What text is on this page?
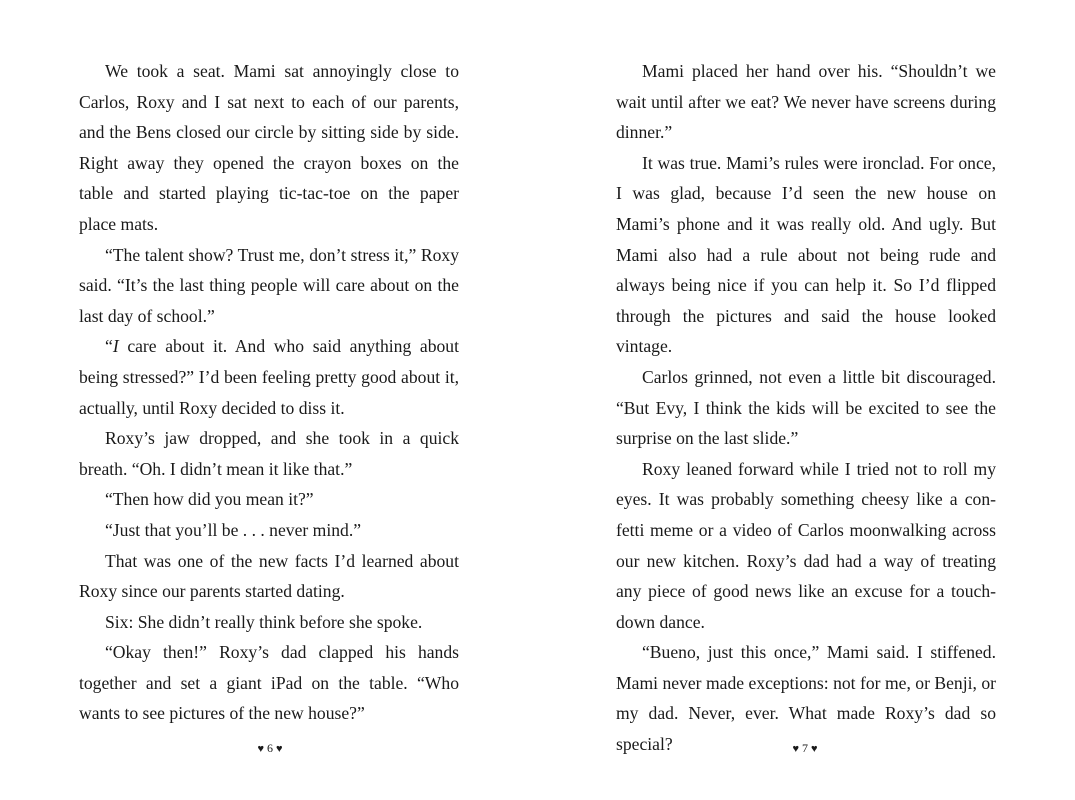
We took a seat. Mami sat annoyingly close to Carlos, Roxy and I sat next to each of our parents, and the Bens closed our circle by sitting side by side. Right away they opened the crayon boxes on the table and started playing tic-tac-toe on the paper place mats.

“The talent show? Trust me, don’t stress it,” Roxy said. “It’s the last thing people will care about on the last day of school.”

“I care about it. And who said anything about being stressed?” I’d been feeling pretty good about it, actually, until Roxy decided to diss it.

Roxy’s jaw dropped, and she took in a quick breath. “Oh. I didn’t mean it like that.”

“Then how did you mean it?”

“Just that you’ll be . . . never mind.”

That was one of the new facts I’d learned about Roxy since our parents started dating.

Six: She didn’t really think before she spoke.

“Okay then!” Roxy’s dad clapped his hands together and set a giant iPad on the table. “Who wants to see pictures of the new house?”

Mami placed her hand over his. “Shouldn’t we wait until after we eat? We never have screens during dinner.”

It was true. Mami’s rules were ironclad. For once, I was glad, because I’d seen the new house on Mami’s phone and it was really old. And ugly. But Mami also had a rule about not being rude and always being nice if you can help it. So I’d flipped through the pictures and said the house looked vintage.

Carlos grinned, not even a little bit discouraged. “But Evy, I think the kids will be excited to see the surprise on the last slide.”

Roxy leaned forward while I tried not to roll my eyes. It was probably something cheesy like a confetti meme or a video of Carlos moonwalking across our new kitchen. Roxy’s dad had a way of treating any piece of good news like an excuse for a touchdown dance.

“Bueno, just this once,” Mami said. I stiffened. Mami never made exceptions: not for me, or Benji, or my dad. Never, ever. What made Roxy’s dad so special?

♥ 6 ♥	♥ 7 ♥
